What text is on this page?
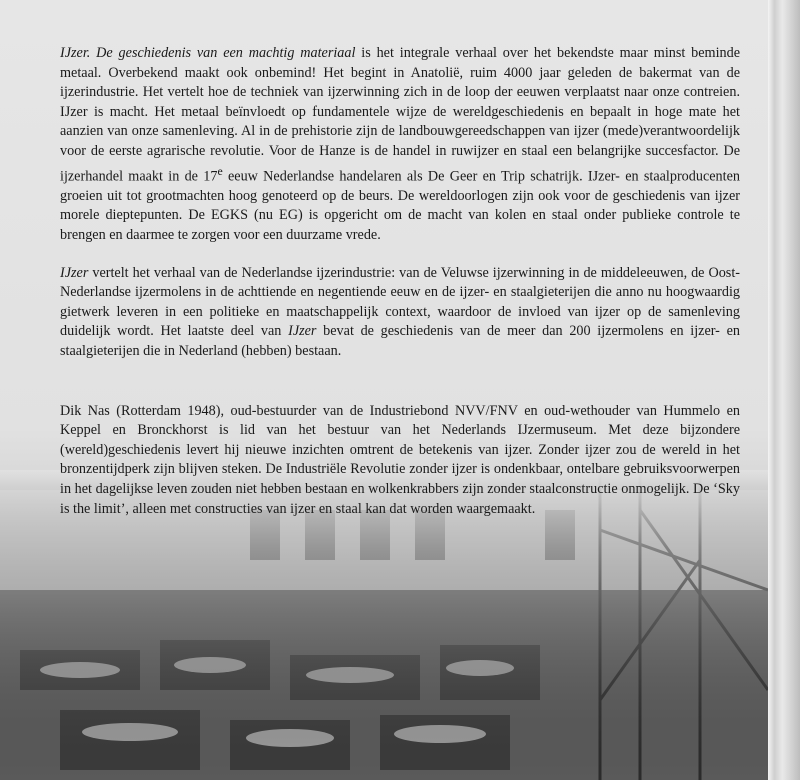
IJzer. De geschiedenis van een machtig materiaal is het integrale verhaal over het bekendste maar minst beminde metaal. Overbekend maakt ook onbemind! Het begint in Anatolië, ruim 4000 jaar geleden de bakermat van de ijzerindustrie. Het vertelt hoe de techniek van ijzerwinning zich in de loop der eeuwen verplaatst naar onze contreien. IJzer is macht. Het metaal beïnvloedt op fundamentele wijze de wereldgeschiedenis en bepaalt in hoge mate het aanzien van onze samenleving. Al in de prehistorie zijn de landbouwgereedschappen van ijzer (mede)verantwoordelijk voor de eerste agrarische revolutie. Voor de Hanze is de handel in ruwijzer en staal een belangrijke succesfactor. De ijzerhandel maakt in de 17e eeuw Nederlandse handelaren als De Geer en Trip schatrijk. IJzer- en staalproducenten groeien uit tot grootmachten hoog genoteerd op de beurs. De wereldoorlogen zijn ook voor de geschiedenis van ijzer morele dieptepunten. De EGKS (nu EG) is opgericht om de macht van kolen en staal onder publieke controle te brengen en daarmee te zorgen voor een duurzame vrede.

IJzer vertelt het verhaal van de Nederlandse ijzerindustrie: van de Veluwse ijzerwinning in de middeleeuwen, de Oost-Nederlandse ijzermolens in de achttiende en negentiende eeuw en de ijzer- en staalgieterijen die anno nu hoogwaardig gietwerk leveren in een politieke en maatschappelijk context, waardoor de invloed van ijzer op de samenleving duidelijk wordt. Het laatste deel van IJzer bevat de geschiedenis van de meer dan 200 ijzermolens en ijzer- en staalgieterijen die in Nederland (hebben) bestaan.

Dik Nas (Rotterdam 1948), oud-bestuurder van de Industriebond NVV/FNV en oud-wethouder van Hummelo en Keppel en Bronckhorst is lid van het bestuur van het Nederlands IJzermuseum. Met deze bijzondere (wereld)geschiedenis levert hij nieuwe inzichten omtrent de betekenis van ijzer. Zonder ijzer zou de wereld in het bronzentijdperk zijn blijven steken. De Industriële Revolutie zonder ijzer is ondenkbaar, ontelbare gebruiksvoorwerpen in het dagelijkse leven zouden niet hebben bestaan en wolkenkrabbers zijn zonder staalconstructie onmogelijk. De ‘Sky is the limit’, alleen met constructies van ijzer en staal kan dat worden waargemaakt.
